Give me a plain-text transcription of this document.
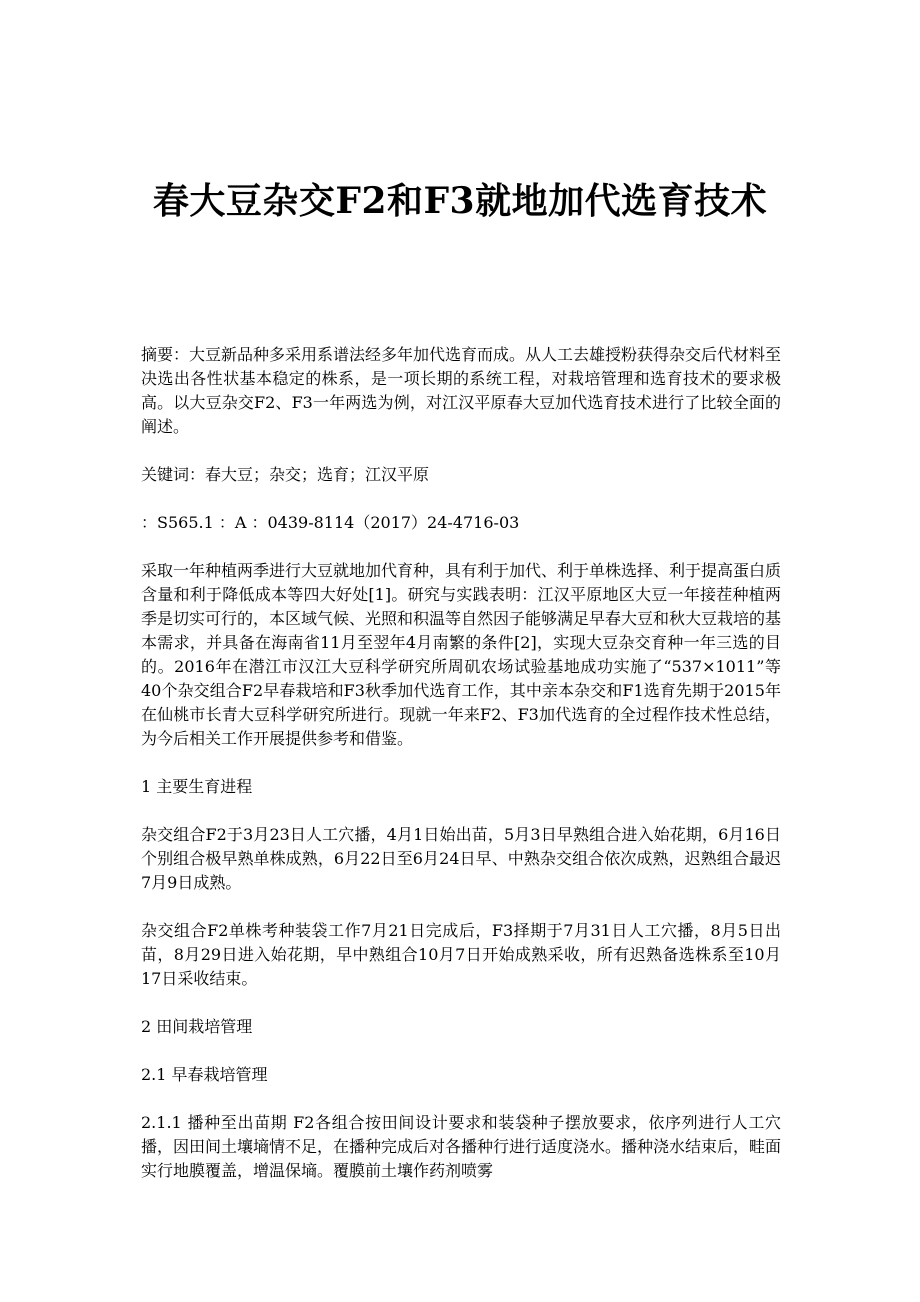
春大豆杂交F2和F3就地加代选育技术

摘要：大豆新品种多采用系谱法经多年加代选育而成。从人工去雄授粉获得杂交后代材料至决选出各性状基本稳定的株系，是一项长期的系统工程，对栽培管理和选育技术的要求极高。以大豆杂交F2、F3一年两选为例，对江汉平原春大豆加代选育技术进行了比较全面的阐述。

关键词：春大豆；杂交；选育；江汉平原

：S565.1 ：A ：0439-8114（2017）24-4716-03

采取一年种植两季进行大豆就地加代育种，具有利于加代、利于单株选择、利于提高蛋白质含量和利于降低成本等四大好处[1]。研究与实践表明：江汉平原地区大豆一年接茬种植两季是切实可行的，本区域气候、光照和积温等自然因子能够满足早春大豆和秋大豆栽培的基本需求，并具备在海南省11月至翌年4月南繁的条件[2]，实现大豆杂交育种一年三选的目的。2016年在潜江市汉江大豆科学研究所周矶农场试验基地成功实施了“537×1011”等40个杂交组合F2早春栽培和F3秋季加代选育工作，其中亲本杂交和F1选育先期于2015年在仙桃市长青大豆科学研究所进行。现就一年来F2、F3加代选育的全过程作技术性总结，为今后相关工作开展提供参考和借鉴。

1 主要生育进程

杂交组合F2于3月23日人工穴播，4月1日始出苗，5月3日早熟组合进入始花期，6月16日个别组合极早熟单株成熟，6月22日至6月24日早、中熟杂交组合依次成熟，迟熟组合最迟7月9日成熟。

杂交组合F2单株考种装袋工作7月21日完成后，F3择期于7月31日人工穴播，8月5日出苗，8月29日进入始花期，早中熟组合10月7日开始成熟采收，所有迟熟备选株系至10月17日采收结束。

2 田间栽培管理

2.1 早春栽培管理

2.1.1 播种至出苗期 F2各组合按田间设计要求和装袋种子摆放要求，依序列进行人工穴播，因田间土壤墒情不足，在播种完成后对各播种行进行适度浇水。播种浇水结束后，畦面实行地膜覆盖，增温保墒。覆膜前土壤作药剂喷雾
